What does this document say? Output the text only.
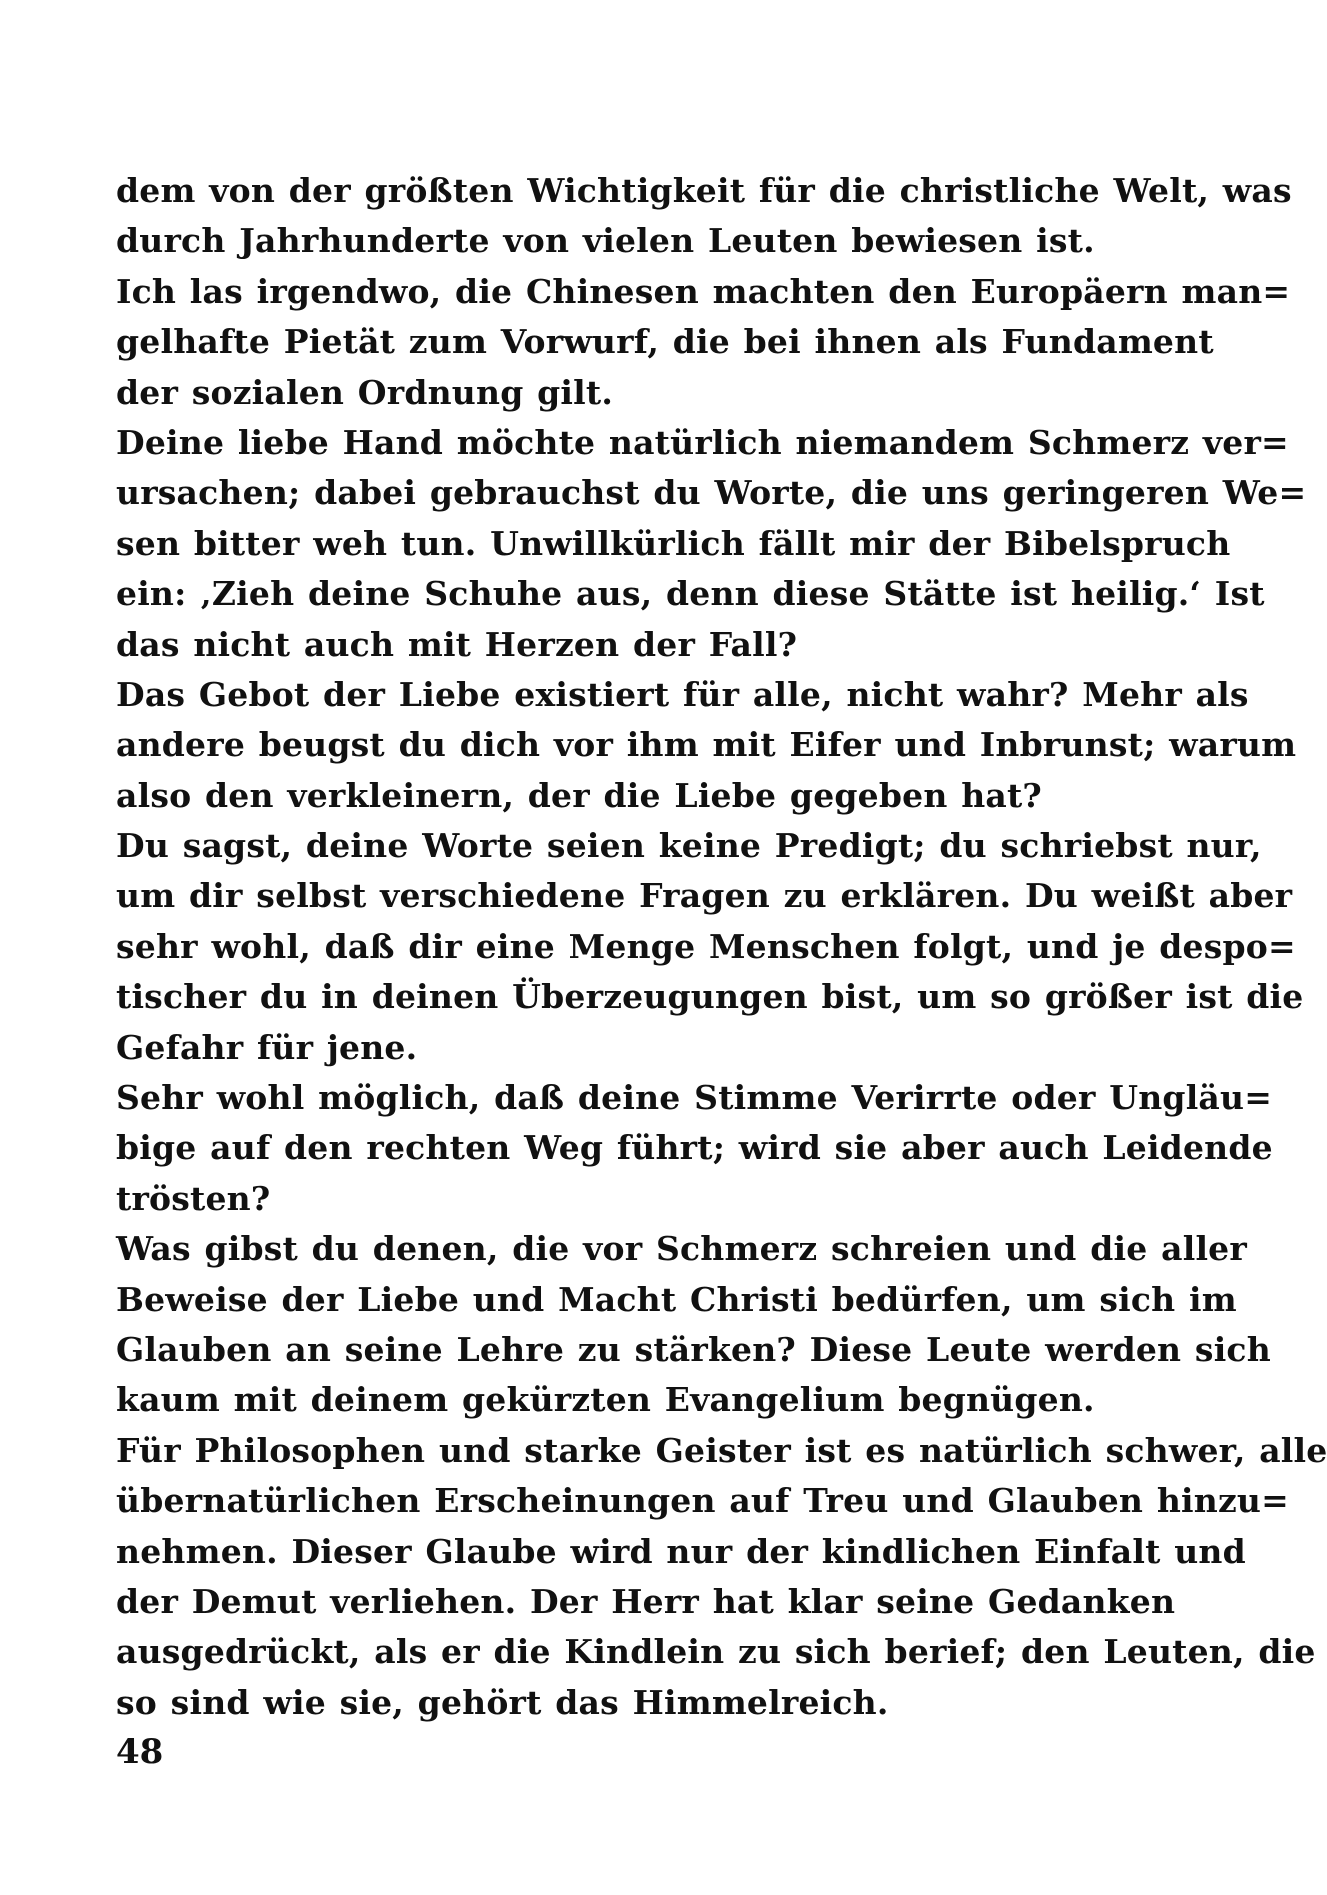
dem von der größten Wichtigkeit für die christliche Welt, was
durch Jahrhunderte von vielen Leuten bewiesen ist.
Ich las irgendwo, die Chinesen machten den Europäern man=
gelhafte Pietät zum Vorwurf, die bei ihnen als Fundament
der sozialen Ordnung gilt.
Deine liebe Hand möchte natürlich niemandem Schmerz ver=
ursachen; dabei gebrauchst du Worte, die uns geringeren We=
sen bitter weh tun. Unwillkürlich fällt mir der Bibelspruch
ein: ‚Zieh deine Schuhe aus, denn diese Stätte ist heilig.‘ Ist
das nicht auch mit Herzen der Fall?
Das Gebot der Liebe existiert für alle, nicht wahr? Mehr als
andere beugst du dich vor ihm mit Eifer und Inbrunst; warum
also den verkleinern, der die Liebe gegeben hat?
Du sagst, deine Worte seien keine Predigt; du schriebst nur,
um dir selbst verschiedene Fragen zu erklären. Du weißt aber
sehr wohl, daß dir eine Menge Menschen folgt, und je despo=
tischer du in deinen Überzeugungen bist, um so größer ist die
Gefahr für jene.
Sehr wohl möglich, daß deine Stimme Verirrte oder Ungläu=
bige auf den rechten Weg führt; wird sie aber auch Leidende
trösten?
Was gibst du denen, die vor Schmerz schreien und die aller
Beweise der Liebe und Macht Christi bedürfen, um sich im
Glauben an seine Lehre zu stärken? Diese Leute werden sich
kaum mit deinem gekürzten Evangelium begnügen.
Für Philosophen und starke Geister ist es natürlich schwer, alle
übernatürlichen Erscheinungen auf Treu und Glauben hinzu=
nehmen. Dieser Glaube wird nur der kindlichen Einfalt und
der Demut verliehen. Der Herr hat klar seine Gedanken
ausgedrückt, als er die Kindlein zu sich berief; den Leuten, die
so sind wie sie, gehört das Himmelreich.
48
